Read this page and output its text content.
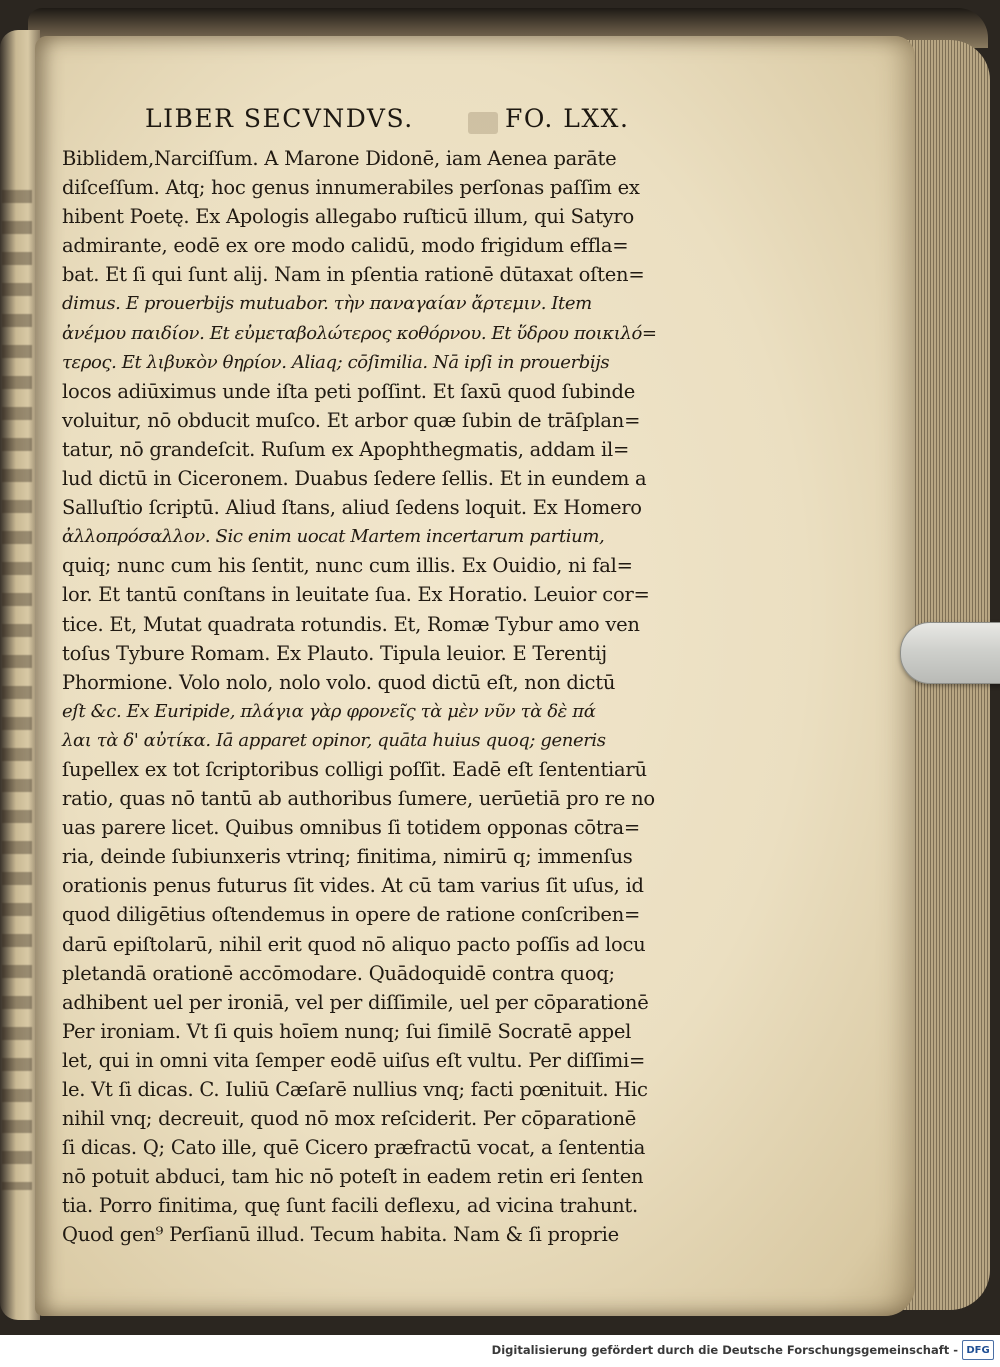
LIBER SECVNDVS.	FO. LXX.
Biblidem,Narciſſum. A Marone Didonē, iam Aenea parāte
diſceſſum. Atq; hoc genus innumerabiles perſonas paſſim ex
hibent Poetę. Ex Apologis allegabo ruſticū illum, qui Satyro
admirante, eodē ex ore modo calidū, modo frigidum effla=
bat. Et ſi qui ſunt alij. Nam in pſentia rationē dūtaxat oſten=
dimus. E prouerbijs mutuabor. τὴν παναγαίαν ἄρτεμιν. Item
ἀνέμου παιδίον. Et εὐμεταβολώτερος κοθόρνου. Et ὕδρου ποικιλό=
τερος. Et λιβυκὸν θηρίον. Aliaq; cōſimilia. Nā ipſi in prouerbijs
locos adiūximus unde iſta peti poſſint. Et ſaxū quod ſubinde
voluitur, nō obducit muſco. Et arbor quæ ſubin de trāſplan=
tatur, nō grandeſcit. Ruſum ex Apophthegmatis, addam il=
lud dictū in Ciceronem. Duabus ſedere ſellis. Et in eundem a
Salluſtio ſcriptū. Aliud ſtans, aliud ſedens loquit. Ex Homero
ἀλλοπρόσαλλον. Sic enim uocat Martem incertarum partium,
quiq; nunc cum his ſentit, nunc cum illis. Ex Ouidio, ni fal=
lor. Et tantū conſtans in leuitate ſua. Ex Horatio. Leuior cor=
tice. Et, Mutat quadrata rotundis. Et, Romæ Tybur amo ven
toſus Tybure Romam. Ex Plauto. Tipula leuior. E Terentij
Phormione. Volo nolo, nolo volo. quod dictū eſt, non dictū
eſt &c. Ex Euripide, πλάγια γὰρ φρονεῖς τὰ μὲν νῦν τὰ δὲ πά
λαι τὰ δ' αὐτίκα. Iā apparet opinor, quāta huius quoq; generis
ſupellex ex tot ſcriptoribus colligi poſſit. Eadē eſt ſententiarū
ratio, quas nō tantū ab authoribus ſumere, uerūetiā pro re no
uas parere licet. Quibus omnibus ſi totidem opponas cōtra=
ria, deinde ſubiunxeris vtrinq; finitima, nimirū q; immenſus
orationis penus futurus ſit vides. At cū tam varius ſit uſus, id
quod diligētius oſtendemus in opere de ratione conſcriben=
darū epiſtolarū, nihil erit quod nō aliquo pacto poſſis ad locu
pletandā orationē accōmodare. Quādoquidē contra quoq;
adhibent uel per ironiā, vel per diſſimile, uel per cōparationē
Per ironiam. Vt ſi quis hoīem nunq; ſui ſimilē Socratē appel
let, qui in omni vita ſemper eodē uiſus eſt vultu. Per diſſimi=
le. Vt ſi dicas. C. Iuliū Cæſarē nullius vnq; facti pœnituit. Hic
nihil vnq; decreuit, quod nō mox reſciderit. Per cōparationē
ſi dicas. Q; Cato ille, quē Cicero præfractū vocat, a ſententia
nō potuit abduci, tam hic nō poteſt in eadem retin eri ſenten
tia. Porro finitima, quę ſunt facili deflexu, ad vicina trahunt.
Quod gen⁹ Perſianū illud. Tecum habita. Nam & ſi proprie
Digitalisierung gefördert durch die Deutsche Forschungsgemeinschaft - DFG
